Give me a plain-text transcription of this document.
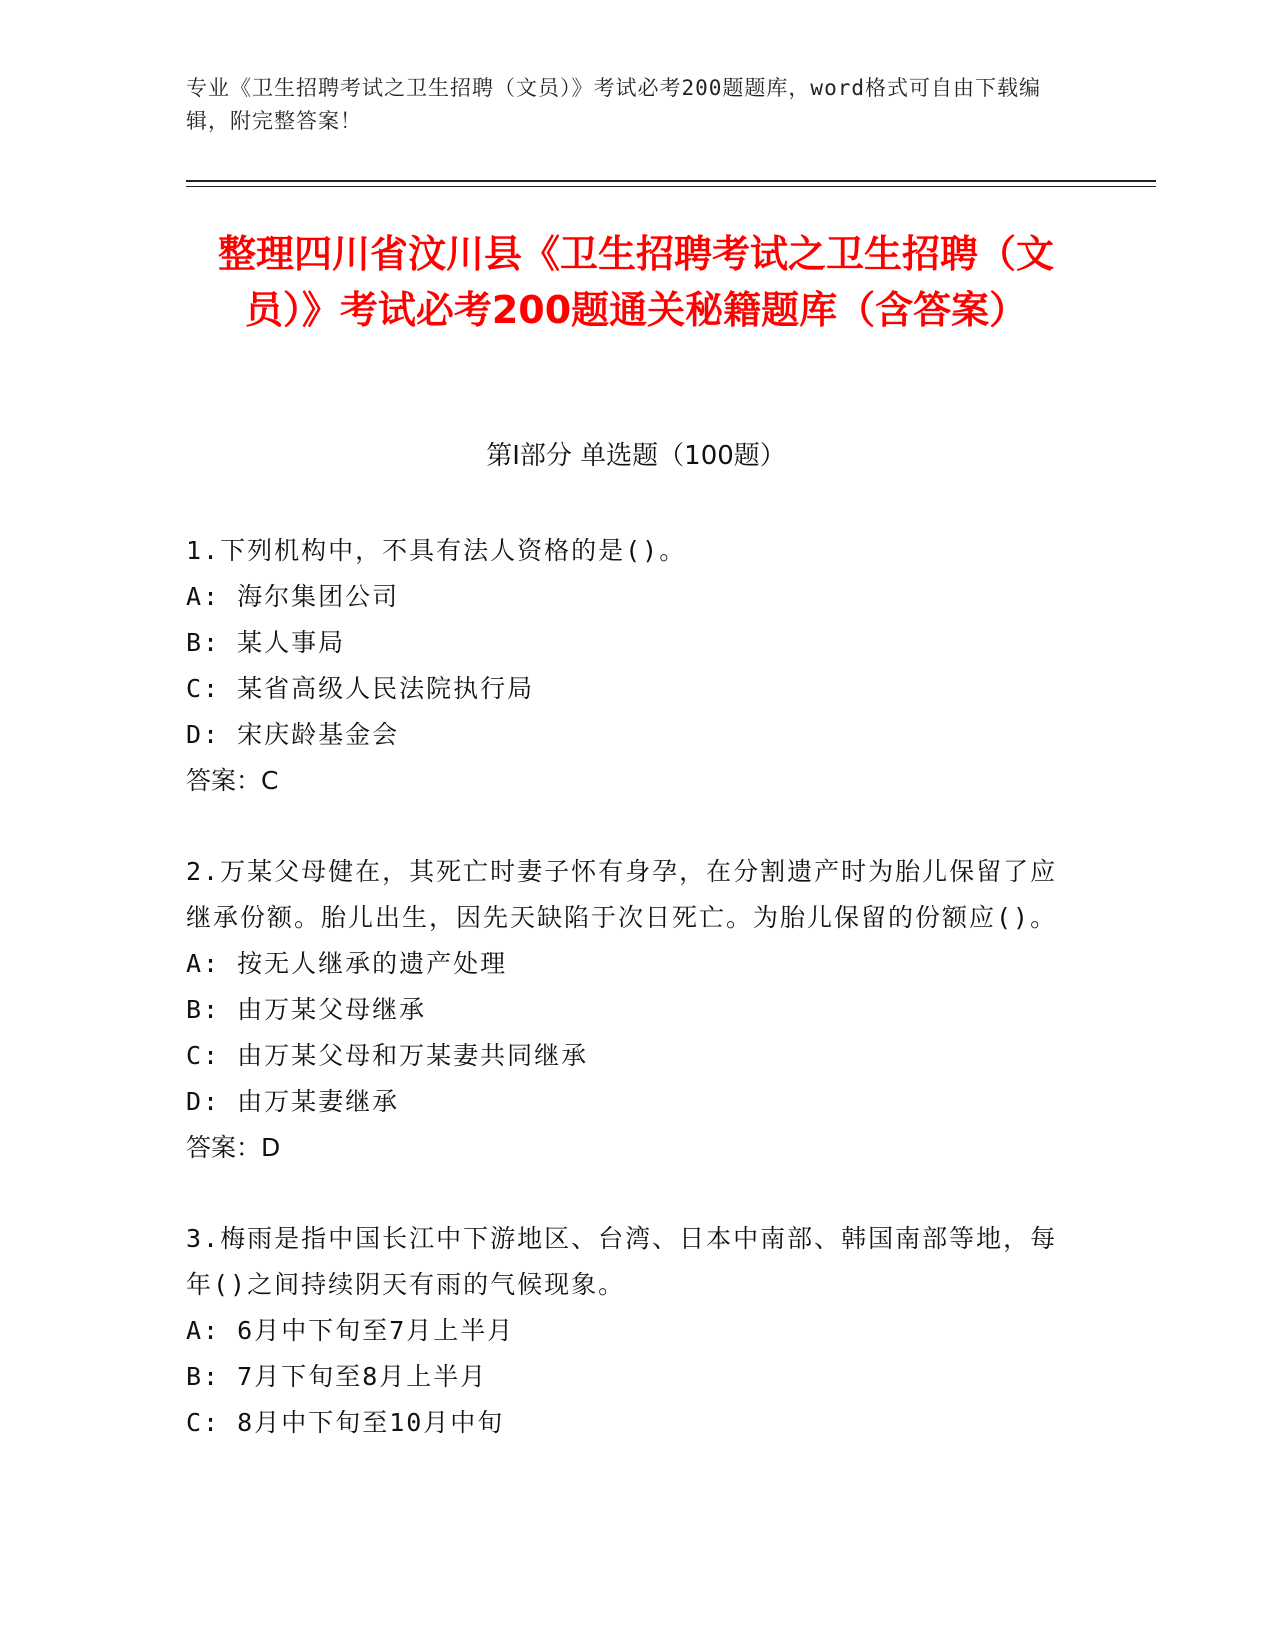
专业《卫生招聘考试之卫生招聘（文员）》考试必考200题题库，word格式可自由下载编辑，附完整答案！
整理四川省汶川县《卫生招聘考试之卫生招聘（文员）》考试必考200题通关秘籍题库（含答案）
第Ⅰ部分 单选题（100题）
1.下列机构中，不具有法人资格的是()。
A: 海尔集团公司
B: 某人事局
C: 某省高级人民法院执行局
D: 宋庆龄基金会
答案：C
2.万某父母健在，其死亡时妻子怀有身孕，在分割遗产时为胎儿保留了应继承份额。胎儿出生，因先天缺陷于次日死亡。为胎儿保留的份额应()。
A: 按无人继承的遗产处理
B: 由万某父母继承
C: 由万某父母和万某妻共同继承
D: 由万某妻继承
答案：D
3.梅雨是指中国长江中下游地区、台湾、日本中南部、韩国南部等地，每年()之间持续阴天有雨的气候现象。
A: 6月中下旬至7月上半月
B: 7月下旬至8月上半月
C: 8月中下旬至10月中旬
